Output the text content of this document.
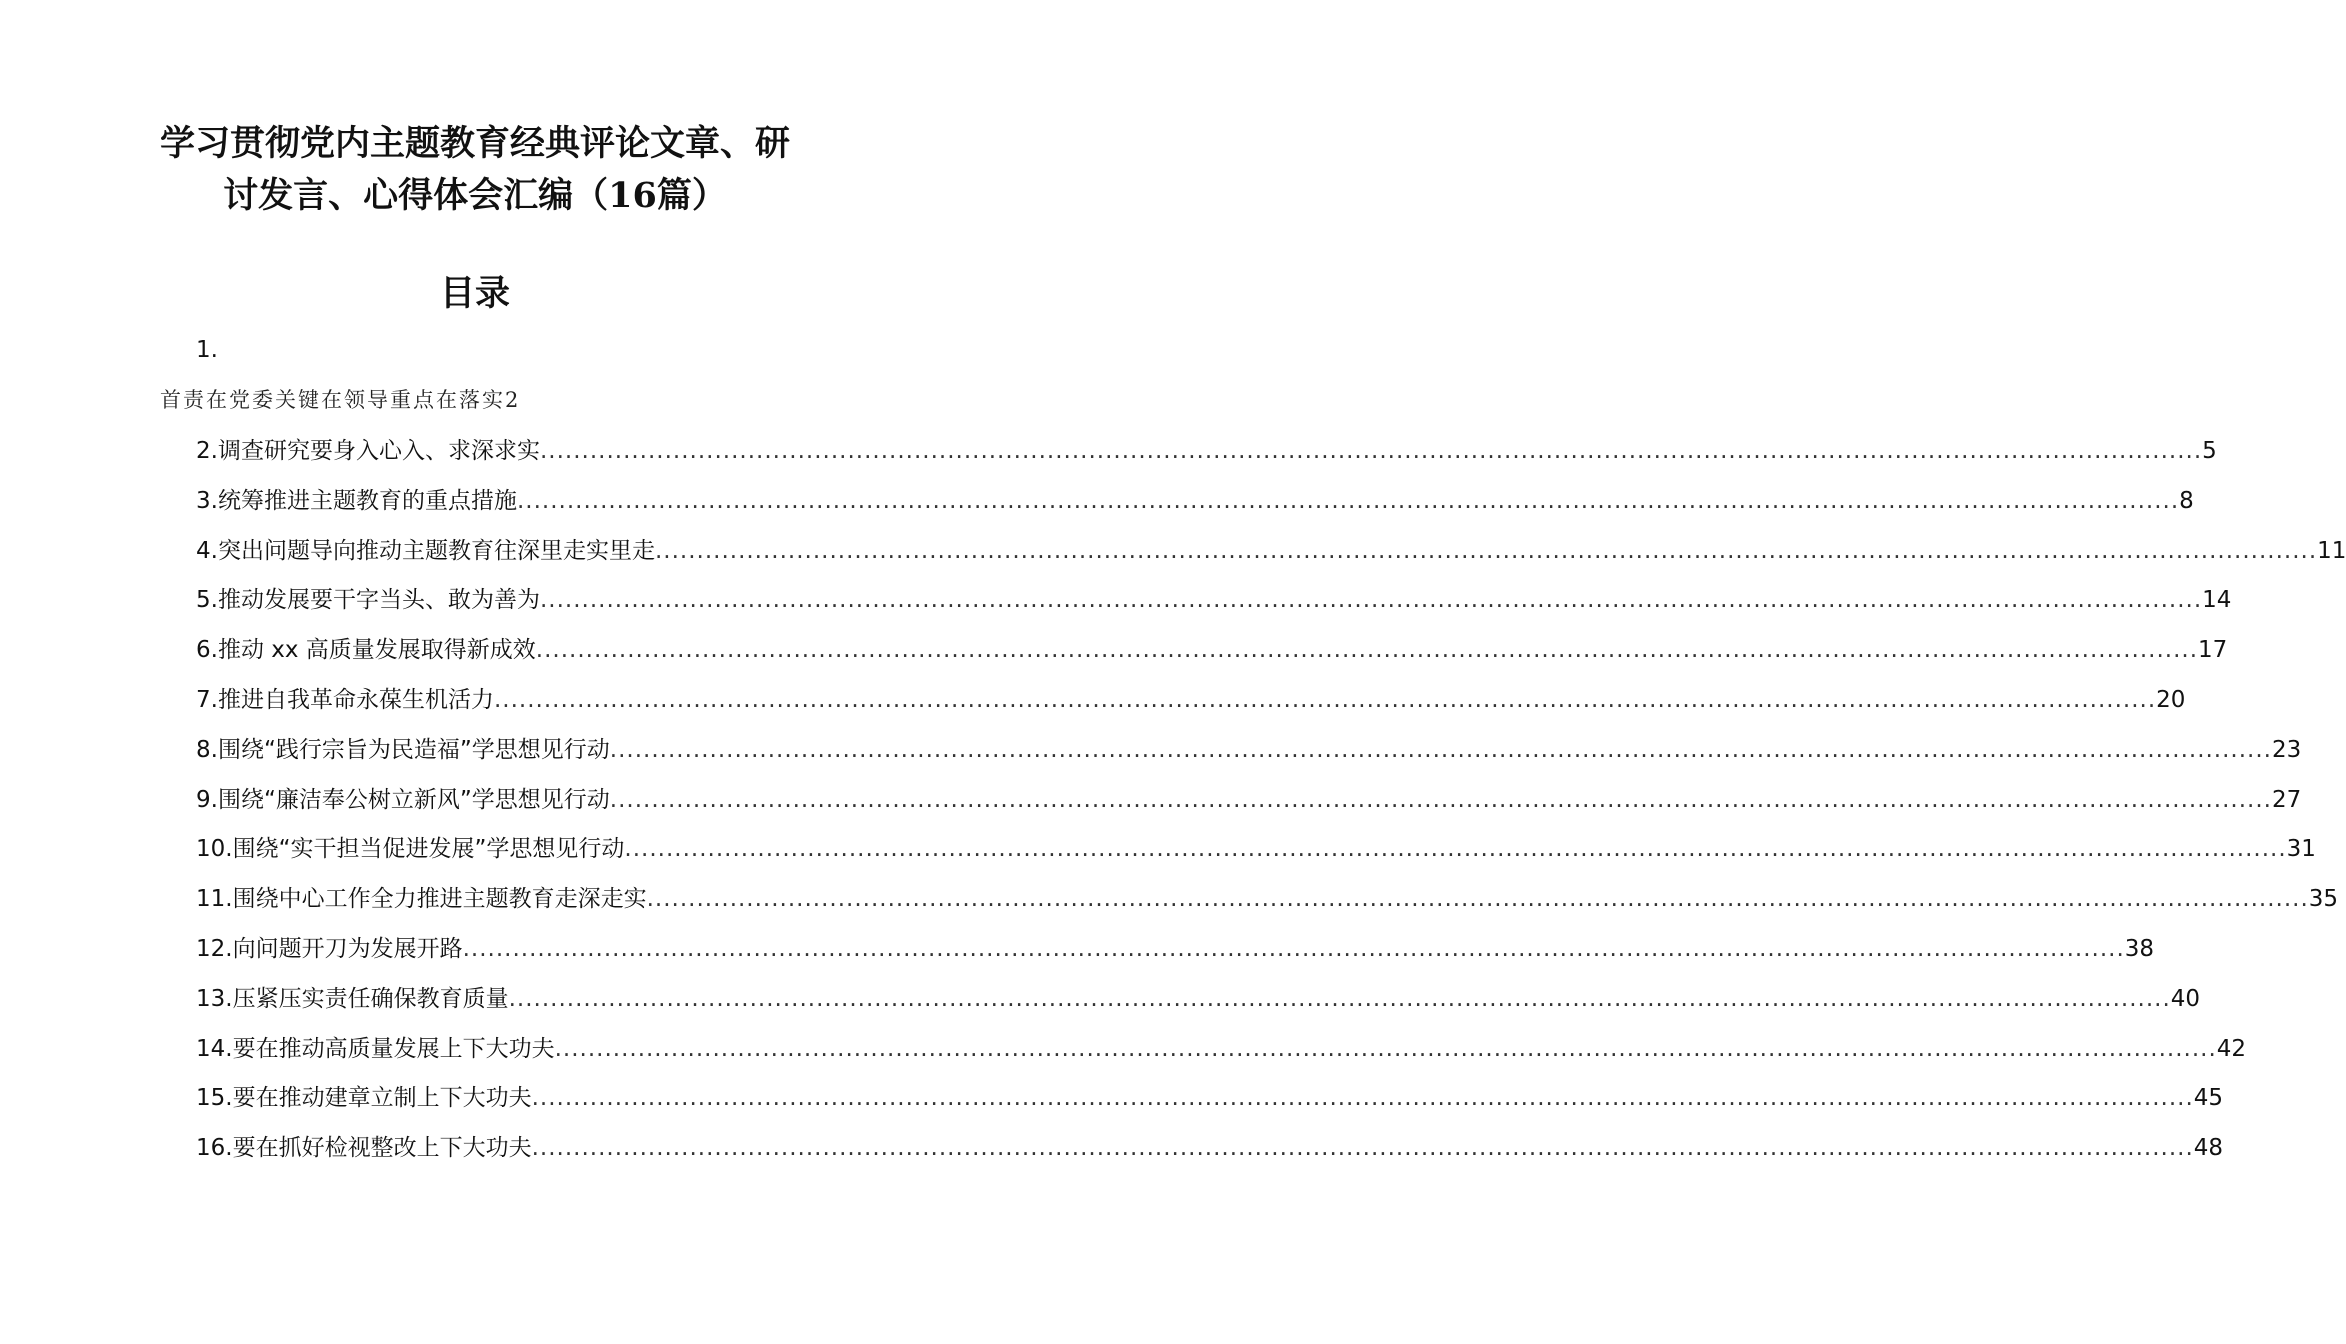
学习贯彻党内主题教育经典评论文章、研讨发言、心得体会汇编（16篇）
目录
1.
首责在党委关键在领导重点在落实2
2.调查研究要身入心入、求深求实 ........................................................................................................................................................................................................ 5
3.统筹推进主题教育的重点措施 ........................................................................................................................................................................................................ 8
4.突出问题导向推动主题教育往深里走实里走 ........................................................................................................................................................................................................ 11
5.推动发展要干字当头、敢为善为 ........................................................................................................................................................................................................ 14
6.推动 xx 高质量发展取得新成效 ........................................................................................................................................................................................................ 17
7.推进自我革命永葆生机活力 ........................................................................................................................................................................................................ 20
8.围绕“践行宗旨为民造福”学思想见行动 ........................................................................................................................................................................................................ 23
9.围绕“廉洁奉公树立新风”学思想见行动 ........................................................................................................................................................................................................ 27
10.围绕“实干担当促进发展”学思想见行动 ........................................................................................................................................................................................................ 31
11.围绕中心工作全力推进主题教育走深走实 ........................................................................................................................................................................................................ 35
12.向问题开刀为发展开路 ........................................................................................................................................................................................................ 38
13.压紧压实责任确保教育质量 ........................................................................................................................................................................................................ 40
14.要在推动高质量发展上下大功夫 ........................................................................................................................................................................................................ 42
15.要在推动建章立制上下大功夫 ........................................................................................................................................................................................................ 45
16.要在抓好检视整改上下大功夫 ........................................................................................................................................................................................................ 48
